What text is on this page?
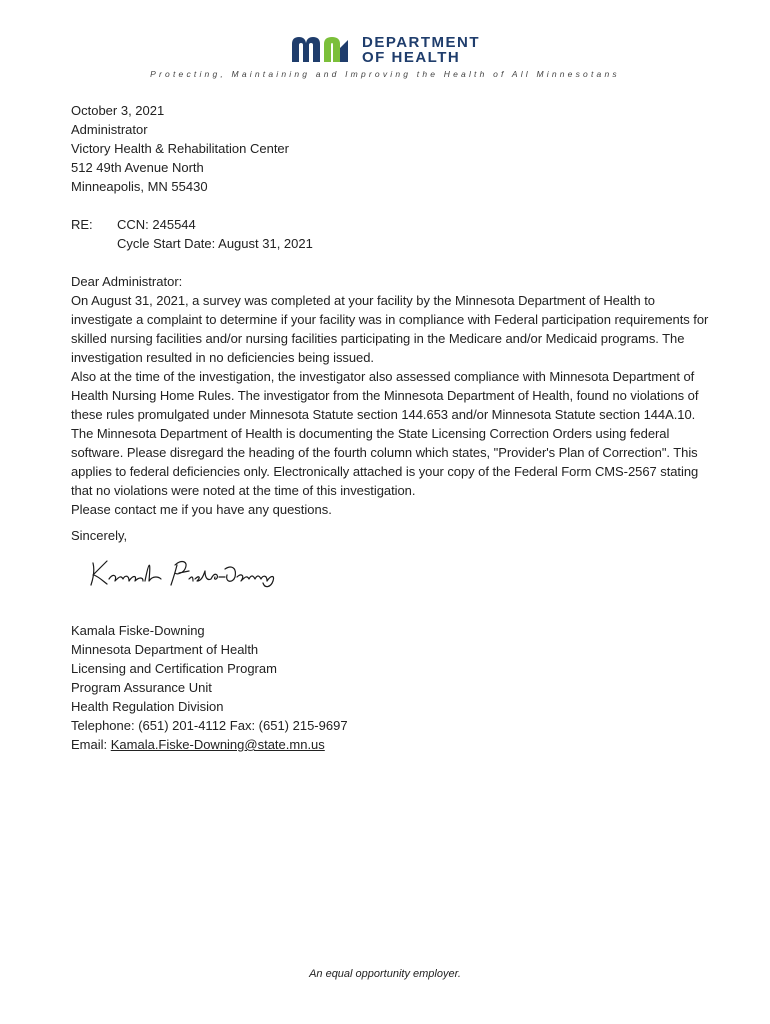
DEPARTMENT
OF HEALTH
Protecting, Maintaining and Improving the Health of All Minnesotans

October 3, 2021

Administrator
Victory Health & Rehabilitation Center
512 49th Avenue North
Minneapolis, MN 55430
RE:	CCN: 245544
Cycle Start Date: August 31, 2021

Dear Administrator:

On August 31, 2021, a survey was completed at your facility by the Minnesota Department of Health to investigate a complaint to determine if your facility was in compliance with Federal participation requirements for skilled nursing facilities and/or nursing facilities participating in the Medicare and/or Medicaid programs. The investigation resulted in no deficiencies being issued.

Also at the time of the investigation, the investigator also assessed compliance with Minnesota Department of Health Nursing Home Rules. The investigator from the Minnesota Department of Health, found no violations of these rules promulgated under Minnesota Statute section 144.653 and/or Minnesota Statute section 144A.10.

The Minnesota Department of Health is documenting the State Licensing Correction Orders using federal software. Please disregard the heading of the fourth column which states, "Provider's Plan of Correction". This applies to federal deficiencies only. Electronically attached is your copy of the Federal Form CMS-2567 stating that no violations were noted at the time of this investigation.

Please contact me if you have any questions.

Sincerely,

Kamala Fiske-Downing
Minnesota Department of Health
Licensing and Certification Program
Program Assurance Unit
Health Regulation Division
Telephone: (651) 201-4112 Fax: (651) 215-9697
Email: Kamala.Fiske-Downing@state.mn.us
An equal opportunity employer.
